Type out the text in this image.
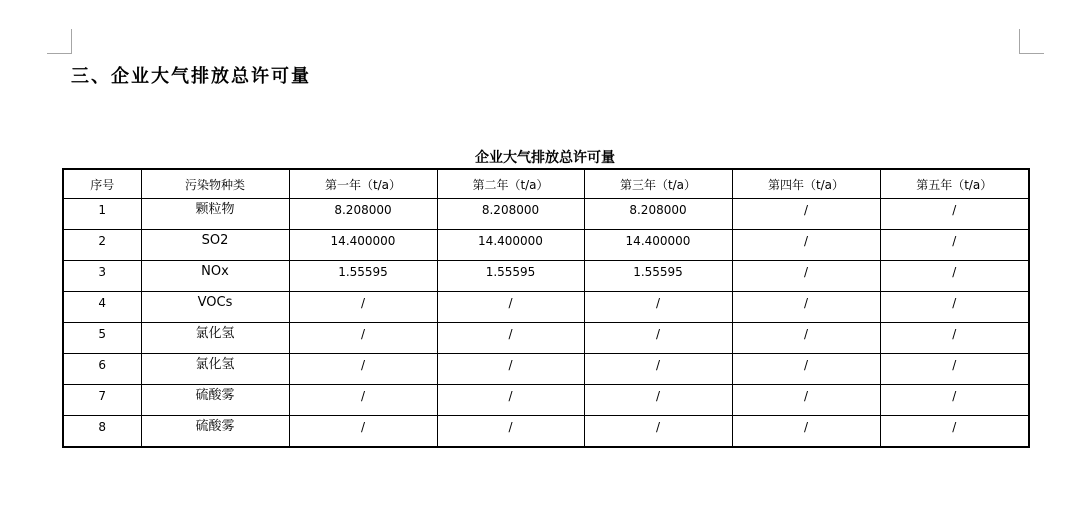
三、企业大气排放总许可量
企业大气排放总许可量
序号	污染物种类	第一年（t/a）	第二年（t/a）	第三年（t/a）	第四年（t/a）	第五年（t/a）
1	颗粒物	8.208000	8.208000	8.208000	/	/
2	SO2	14.400000	14.400000	14.400000	/	/
3	NOx	1.55595	1.55595	1.55595	/	/
4	VOCs	/	/	/	/	/
5	氯化氢	/	/	/	/	/
6	氯化氢	/	/	/	/	/
7	硫酸雾	/	/	/	/	/
8	硫酸雾	/	/	/	/	/
